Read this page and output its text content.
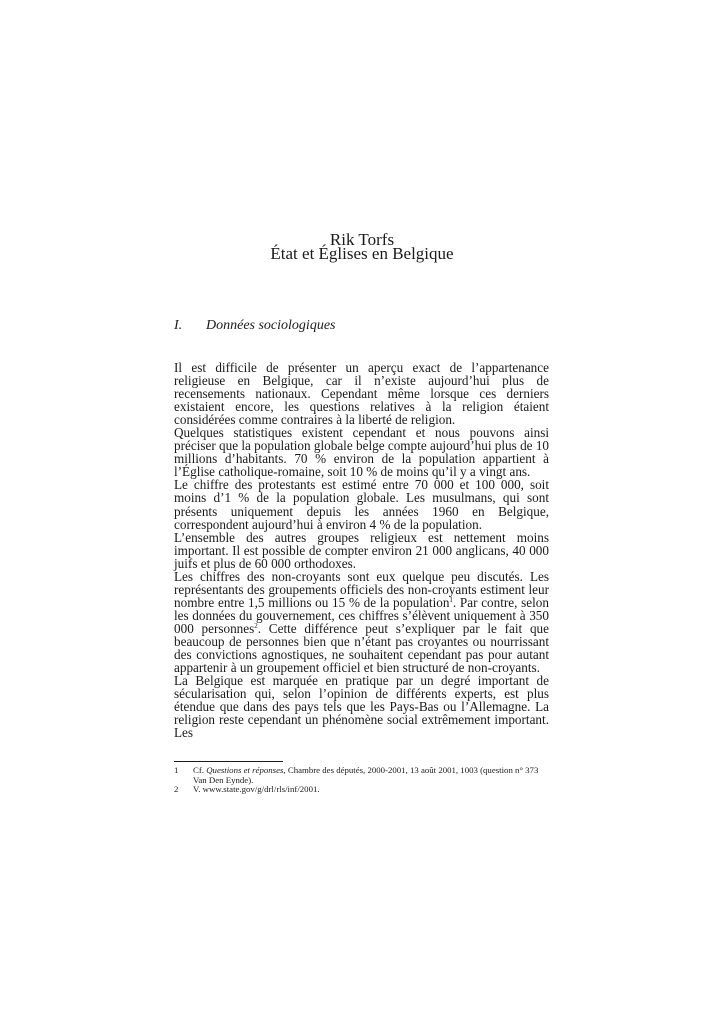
Rik Torfs
État et Églises en Belgique
I. Données sociologiques

Il est difficile de présenter un aperçu exact de l’appartenance religieuse en Belgique, car il n’existe aujourd’hui plus de recensements nationaux. Cependant même lorsque ces derniers existaient encore, les questions relatives à la religion étaient considérées comme contraires à la liberté de religion.

Quelques statistiques existent cependant et nous pouvons ainsi préciser que la population globale belge compte aujourd’hui plus de 10 millions d’habitants. 70 % environ de la population appartient à l’Église catholique-romaine, soit 10 % de moins qu’il y a vingt ans.

Le chiffre des protestants est estimé entre 70 000 et 100 000, soit moins d’1 % de la population globale. Les musulmans, qui sont présents uniquement depuis les années 1960 en Belgique, correspondent aujourd’hui à environ 4 % de la population.

L’ensemble des autres groupes religieux est nettement moins important. Il est possible de compter environ 21 000 anglicans, 40 000 juifs et plus de 60 000 orthodoxes.

Les chiffres des non-croyants sont eux quelque peu discutés. Les représentants des groupements officiels des non-croyants estiment leur nombre entre 1,5 millions ou 15 % de la population$^1$. Par contre, selon les données du gouvernement, ces chiffres s’élèvent uniquement à 350 000 personnes$^2$. Cette différence peut s’expliquer par le fait que beaucoup de personnes bien que n’étant pas croyantes ou nourrissant des convictions agnostiques, ne souhaitent cependant pas pour autant appartenir à un groupement officiel et bien structuré de non-croyants.

La Belgique est marquée en pratique par un degré important de sécularisation qui, selon l’opinion de différents experts, est plus étendue que dans des pays tels que les Pays-Bas ou l’Allemagne. La religion reste cependant un phénomène social extrêmement important. Les

1 Cf. Questions et réponses, Chambre des députés, 2000-2001, 13 août 2001, 1003 (question n° 373 Van Den Eynde).
2 V. www.state.gov/g/drl/rls/inf/2001.
